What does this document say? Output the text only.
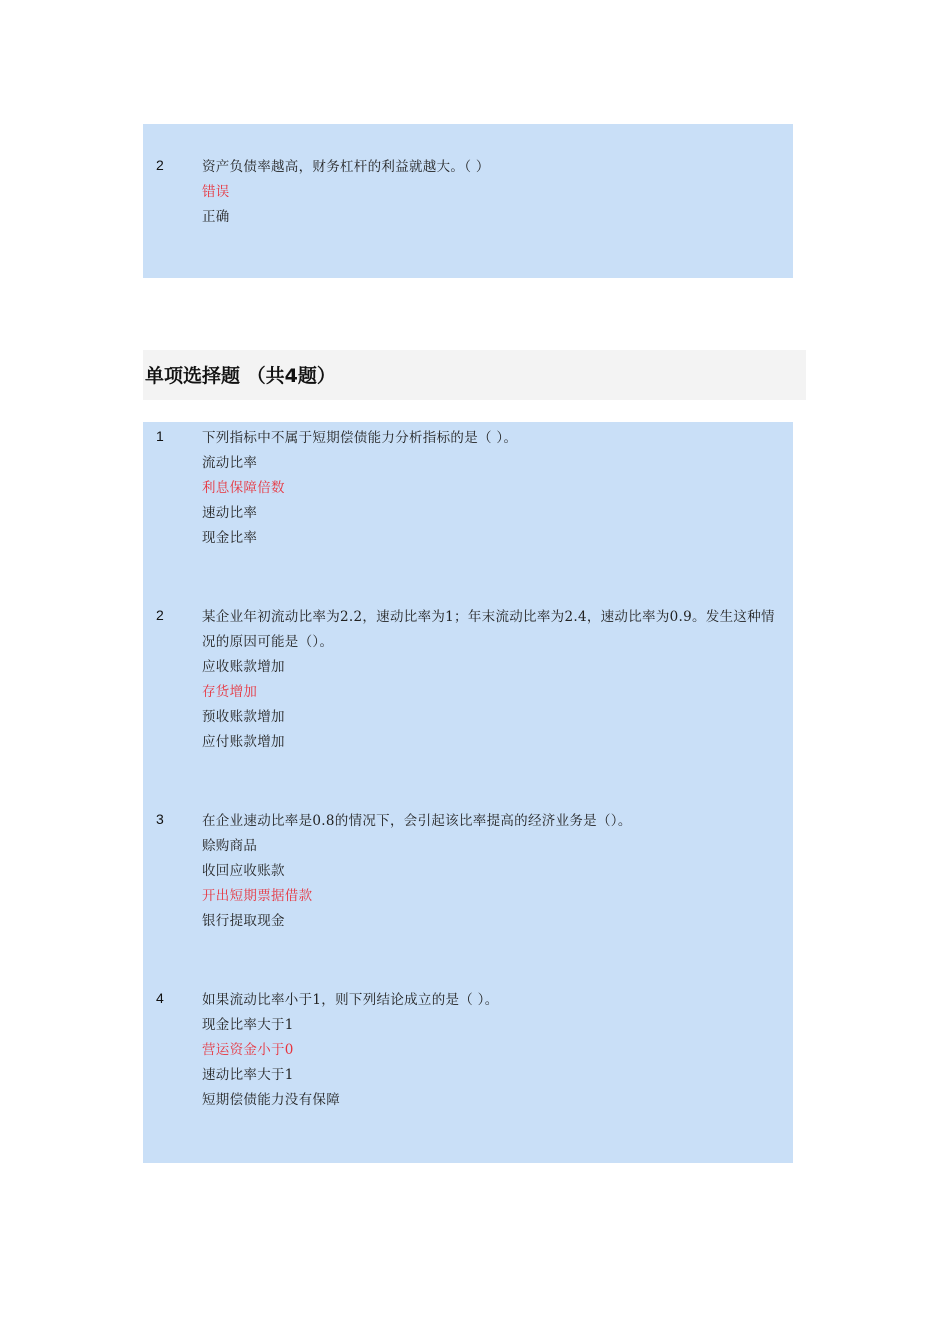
2	资产负债率越高，财务杠杆的利益就越大。（ ）

错误

正确

单项选择题 （共4题）
1	下列指标中不属于短期偿债能力分析指标的是（ ）。

流动比率

利息保障倍数

速动比率

现金比率

2	某企业年初流动比率为2.2，速动比率为1；年末流动比率为2.4，速动比率为0.9。发生这种情况的原因可能是（）。

应收账款增加

存货增加

预收账款增加

应付账款增加

3	在企业速动比率是0.8的情况下，会引起该比率提高的经济业务是（）。

赊购商品

收回应收账款

开出短期票据借款

银行提取现金

4	如果流动比率小于1，则下列结论成立的是（ ）。

现金比率大于1

营运资金小于0

速动比率大于1

短期偿债能力没有保障
